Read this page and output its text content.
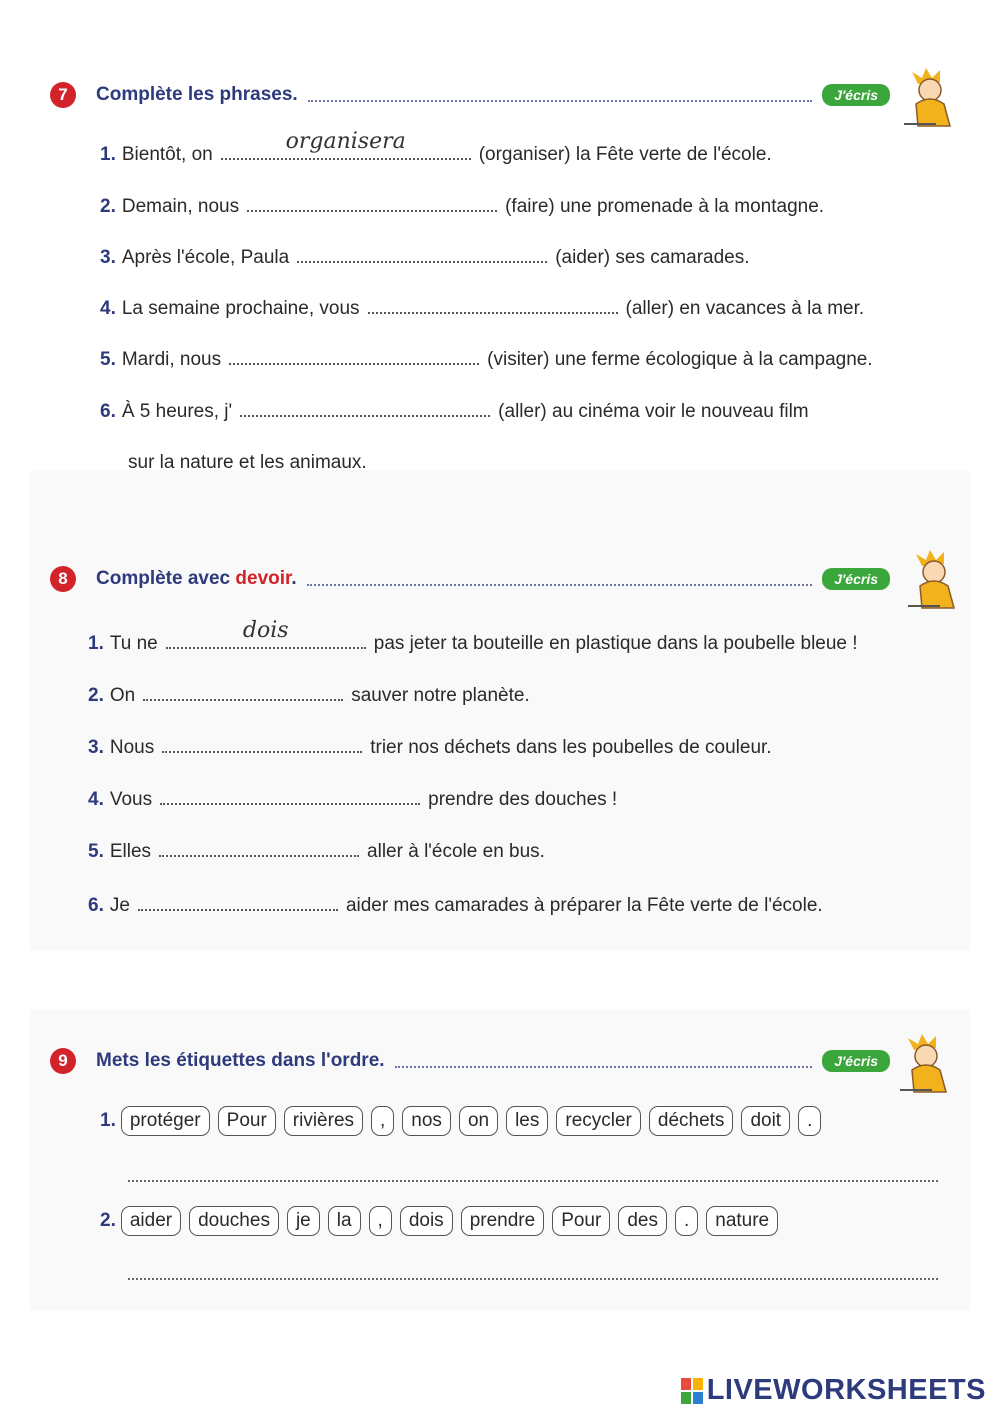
7	Complète les phrases.	J'écris
1. Bientôt, on
organisera
(organiser) la Fête verte de l'école.
2. Demain, nous	(faire) une promenade à la montagne.
3. Après l'école, Paula	(aider) ses camarades.
4. La semaine prochaine, vous	(aller) en vacances à la mer.
5. Mardi, nous	(visiter) une ferme écologique à la campagne.
6. À 5 heures, j'	(aller) au cinéma voir le nouveau film
sur la nature et les animaux.
8	Complète avec devoir.	J'écris
1. Tu ne
dois
pas jeter ta bouteille en plastique dans la poubelle bleue !
2. On	sauver notre planète.
3. Nous	trier nos déchets dans les poubelles de couleur.
4. Vous	prendre des douches !
5. Elles	aller à l'école en bus.
6. Je	aider mes camarades à préparer la Fête verte de l'école.
9	Mets les étiquettes dans l'ordre.	J'écris
1. protéger	Pour	rivières	,	nos	on	les	recycler	déchets	doit	.
2. aider	douches	je	la	,	dois	prendre	Pour	des	.	nature
LIVEWORKSHEETS
